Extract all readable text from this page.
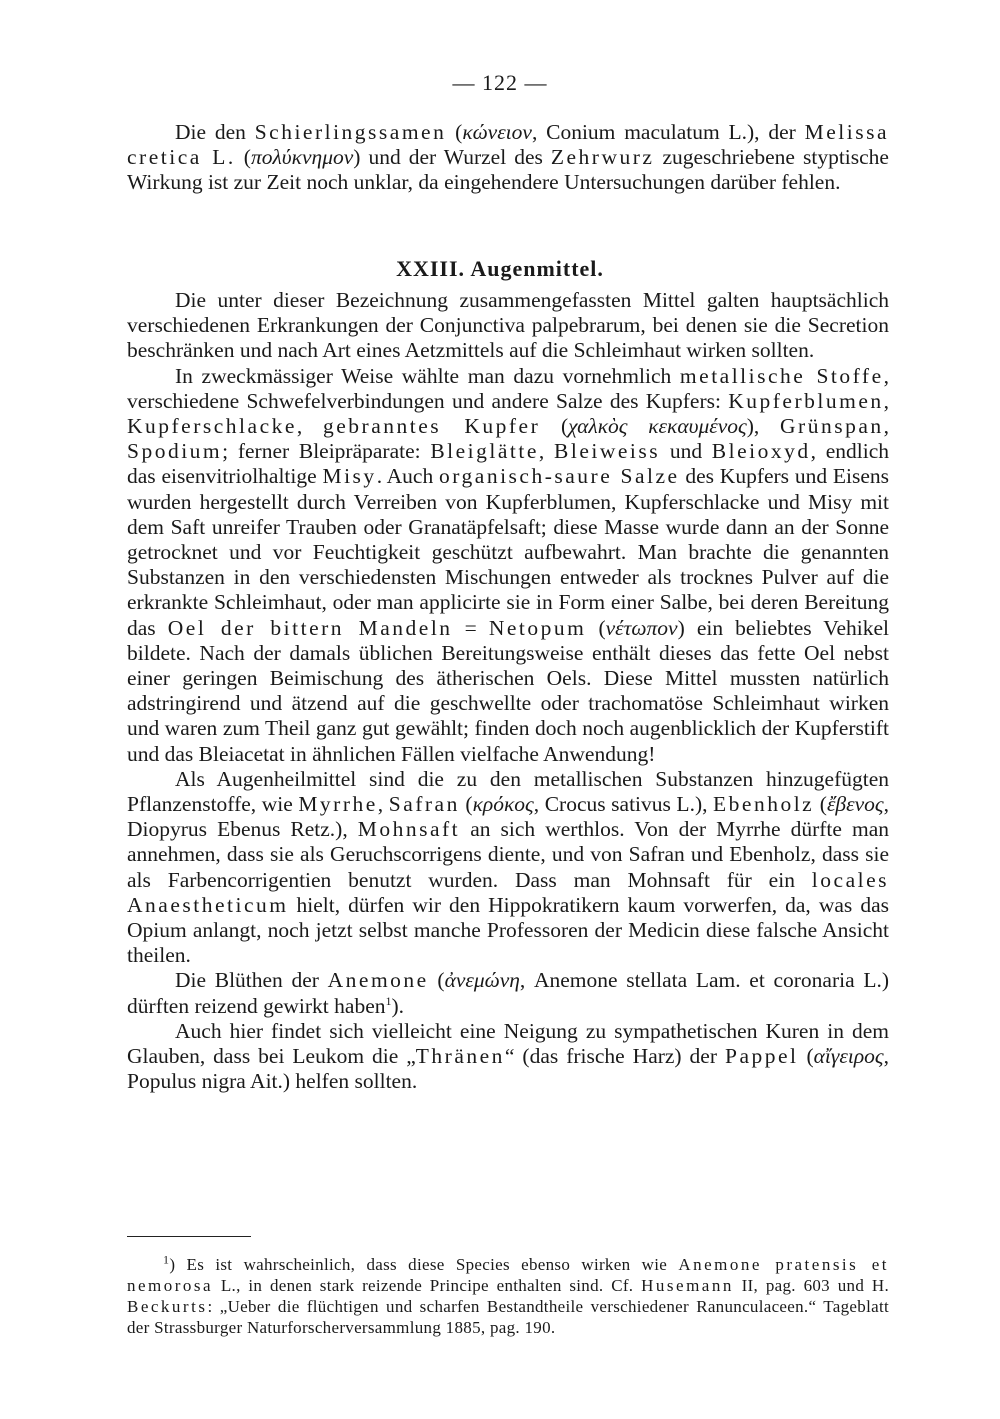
— 122 —

Die den Schierlingssamen (κώνειον, Conium maculatum L.), der Melissa cretica L. (πολύκνημον) und der Wurzel des Zehrwurz zugeschriebene styptische Wirkung ist zur Zeit noch unklar, da eingehendere Untersuchungen darüber fehlen.

XXIII. Augenmittel.

Die unter dieser Bezeichnung zusammengefassten Mittel galten hauptsächlich verschiedenen Erkrankungen der Conjunctiva palpebrarum, bei denen sie die Secretion beschränken und nach Art eines Aetzmittels auf die Schleimhaut wirken sollten.

In zweckmässiger Weise wählte man dazu vornehmlich metallische Stoffe, verschiedene Schwefelverbindungen und andere Salze des Kupfers: Kupferblumen, Kupferschlacke, gebranntes Kupfer (χαλκὸς κεκαυμένος), Grünspan, Spodium; ferner Bleipräparate: Bleiglätte, Bleiweiss und Bleioxyd, endlich das eisenvitriolhaltige Misy. Auch organisch-saure Salze des Kupfers und Eisens wurden hergestellt durch Verreiben von Kupferblumen, Kupferschlacke und Misy mit dem Saft unreifer Trauben oder Granatäpfelsaft; diese Masse wurde dann an der Sonne getrocknet und vor Feuchtigkeit geschützt aufbewahrt. Man brachte die genannten Substanzen in den verschiedensten Mischungen entweder als trocknes Pulver auf die erkrankte Schleimhaut, oder man applicirte sie in Form einer Salbe, bei deren Bereitung das Oel der bittern Mandeln = Netopum (νέτωπον) ein beliebtes Vehikel bildete. Nach der damals üblichen Bereitungsweise enthält dieses das fette Oel nebst einer geringen Beimischung des ätherischen Oels. Diese Mittel mussten natürlich adstringirend und ätzend auf die geschwellte oder trachomatöse Schleimhaut wirken und waren zum Theil ganz gut gewählt; finden doch noch augenblicklich der Kupferstift und das Bleiacetat in ähnlichen Fällen vielfache Anwendung!

Als Augenheilmittel sind die zu den metallischen Substanzen hinzugefügten Pflanzenstoffe, wie Myrrhe, Safran (κρόκος, Crocus sativus L.), Ebenholz (ἔβενος, Diopyrus Ebenus Retz.), Mohnsaft an sich werthlos. Von der Myrrhe dürfte man annehmen, dass sie als Geruchscorrigens diente, und von Safran und Ebenholz, dass sie als Farbencorrigentien benutzt wurden. Dass man Mohnsaft für ein locales Anaestheticum hielt, dürfen wir den Hippokratikern kaum vorwerfen, da, was das Opium anlangt, noch jetzt selbst manche Professoren der Medicin diese falsche Ansicht theilen.

Die Blüthen der Anemone (ἀνεμώνη, Anemone stellata Lam. et coronaria L.) dürften reizend gewirkt haben$^1$).

Auch hier findet sich vielleicht eine Neigung zu sympathetischen Kuren in dem Glauben, dass bei Leukom die „Thränen“ (das frische Harz) der Pappel (αἴγειρος, Populus nigra Ait.) helfen sollten.

$^1$) Es ist wahrscheinlich, dass diese Species ebenso wirken wie Anemone pratensis et nemorosa L., in denen stark reizende Principe enthalten sind. Cf. Husemann II, pag. 603 und H. Beckurts: „Ueber die flüchtigen und scharfen Bestandtheile verschiedener Ranunculaceen.“ Tageblatt der Strassburger Naturforscherversammlung 1885, pag. 190.
